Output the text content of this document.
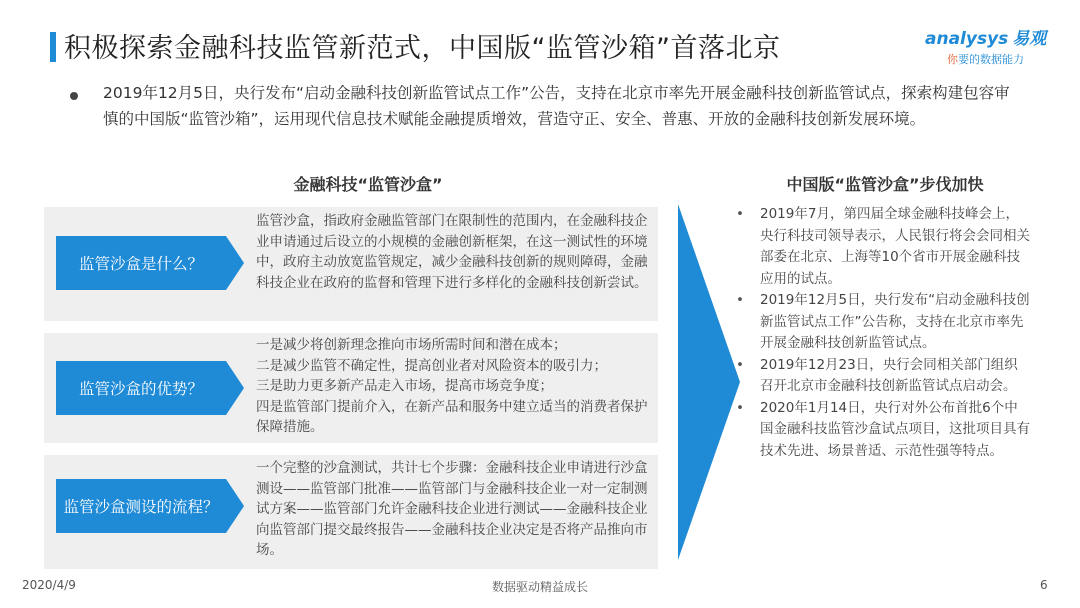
积极探索金融科技监管新范式，中国版“监管沙箱”首落北京	analysys 易观
你要的数据能力
2019年12月5日，央行发布“启动金融科技创新监管试点工作”公告，支持在北京市率先开展金融科技创新监管试点，探索构建包容审慎的中国版“监管沙箱”，运用现代信息技术赋能金融提质增效，营造守正、安全、普惠、开放的金融科技创新发展环境。
金融科技“监管沙盒”	中国版“监管沙盒”步伐加快
监管沙盒是什么？
监管沙盒，指政府金融监管部门在限制性的范围内，在金融科技企业申请通过后设立的小规模的金融创新框架，在这一测试性的环境中，政府主动放宽监管规定，减少金融科技创新的规则障碍，金融科技企业在政府的监督和管理下进行多样化的金融科技创新尝试。
监管沙盒的优势？
一是减少将创新理念推向市场所需时间和潜在成本；
二是减少监管不确定性，提高创业者对风险资本的吸引力；
三是助力更多新产品走入市场，提高市场竞争度；
四是监管部门提前介入，在新产品和服务中建立适当的消费者保护保障措施。
监管沙盒测设的流程？
一个完整的沙盒测试，共计七个步骤：金融科技企业申请进行沙盒测设——监管部门批准——监管部门与金融科技企业一对一定制测试方案——监管部门允许金融科技企业进行测试——金融科技企业向监管部门提交最终报告——金融科技企业决定是否将产品推向市场。
• 2019年7月，第四届全球金融科技峰会上，央行科技司领导表示，人民银行将会会同相关部委在北京、上海等10个省市开展金融科技应用的试点。
• 2019年12月5日，央行发布“启动金融科技创新监管试点工作”公告称，支持在北京市率先开展金融科技创新监管试点。
• 2019年12月23日，央行会同相关部门组织召开北京市金融科技创新监管试点启动会。
• 2020年1月14日，央行对外公布首批6个中国金融科技监管沙盒试点项目，这批项目具有技术先进、场景普适、示范性强等特点。
2020/4/9	数据驱动精益成长	6
